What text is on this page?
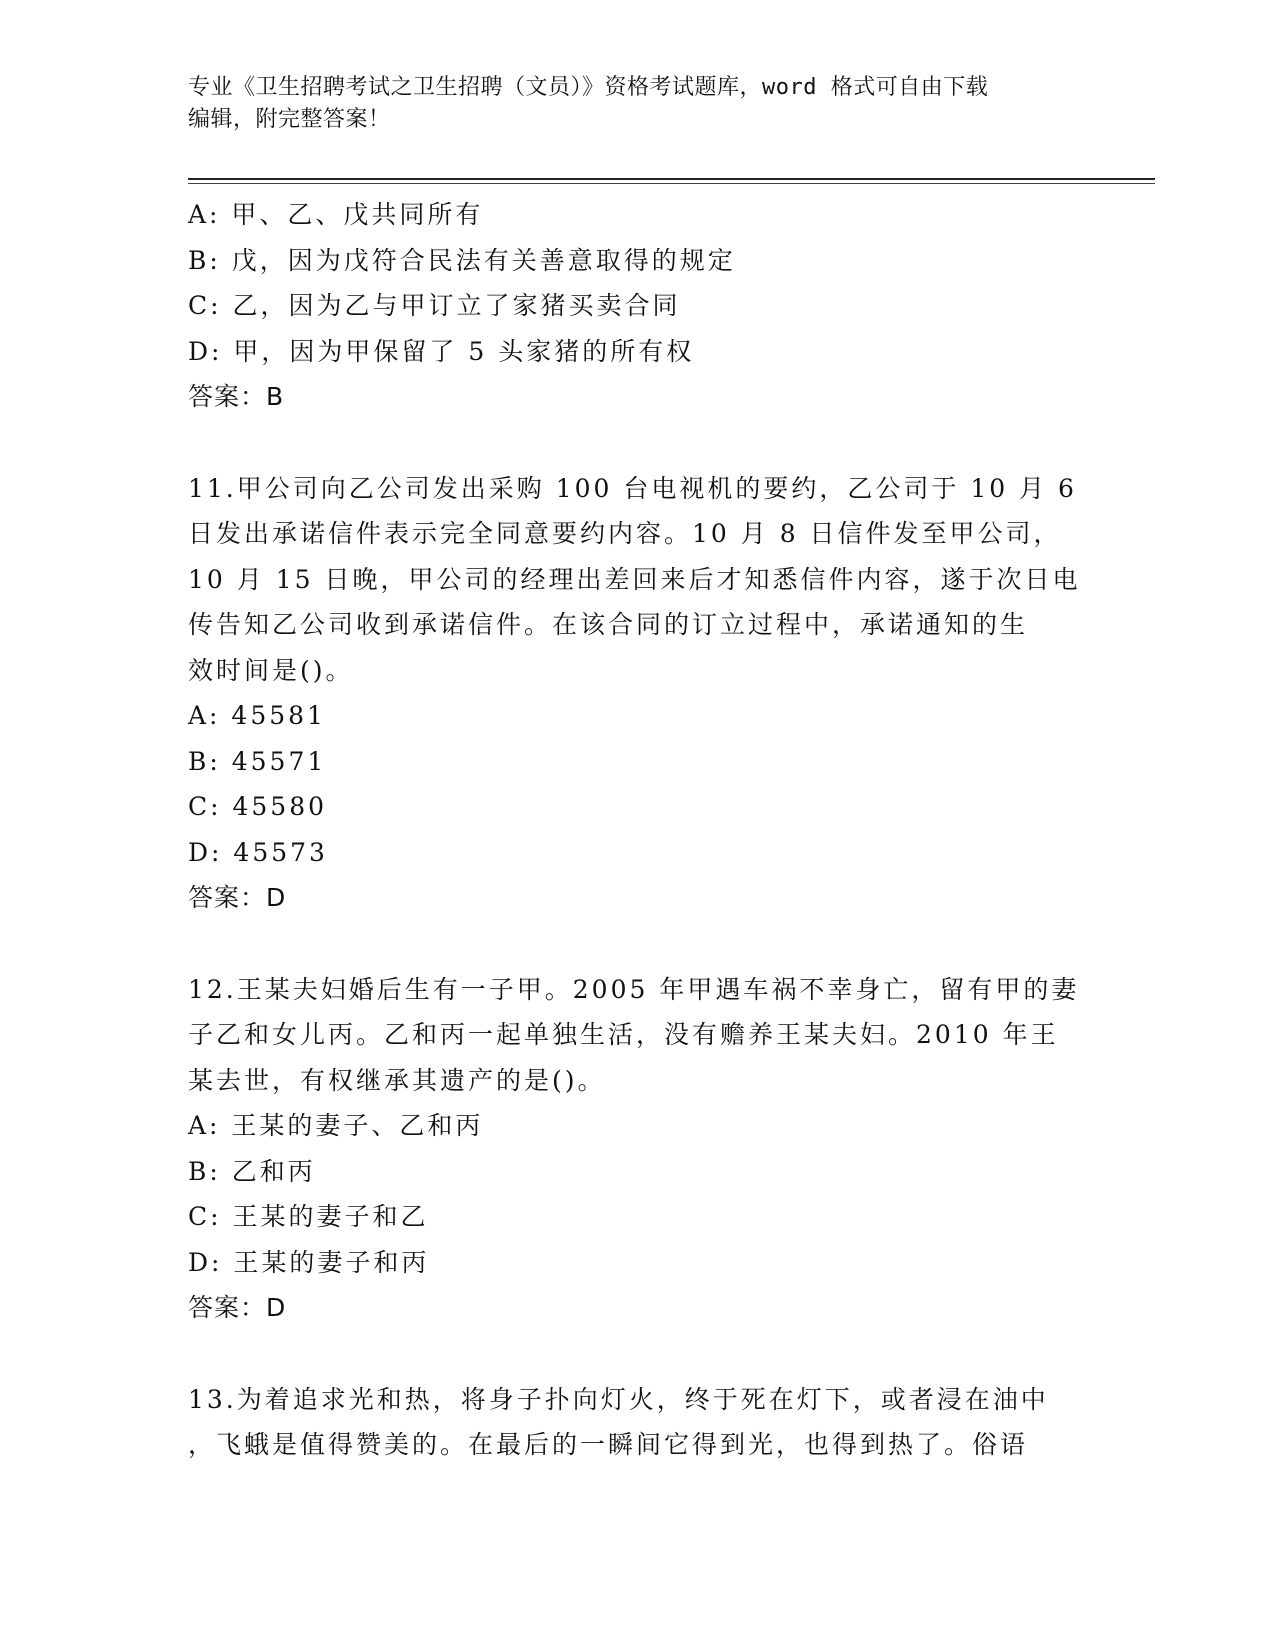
专业《卫生招聘考试之卫生招聘（文员）》资格考试题库，word 格式可自由下载
编辑，附完整答案！
A: 甲、乙、戊共同所有
B: 戊，因为戊符合民法有关善意取得的规定
C: 乙，因为乙与甲订立了家猪买卖合同
D: 甲，因为甲保留了 5 头家猪的所有权
答案：B
11.甲公司向乙公司发出采购 100 台电视机的要约，乙公司于 10 月 6
日发出承诺信件表示完全同意要约内容。10 月 8 日信件发至甲公司，
10 月 15 日晚，甲公司的经理出差回来后才知悉信件内容，遂于次日电
传告知乙公司收到承诺信件。在该合同的订立过程中，承诺通知的生
效时间是()。
A: 45581
B: 45571
C: 45580
D: 45573
答案：D
12.王某夫妇婚后生有一子甲。2005 年甲遇车祸不幸身亡，留有甲的妻
子乙和女儿丙。乙和丙一起单独生活，没有赡养王某夫妇。2010 年王
某去世，有权继承其遗产的是()。
A: 王某的妻子、乙和丙
B: 乙和丙
C: 王某的妻子和乙
D: 王某的妻子和丙
答案：D
13.为着追求光和热，将身子扑向灯火，终于死在灯下，或者浸在油中
，飞蛾是值得赞美的。在最后的一瞬间它得到光，也得到热了。俗语
